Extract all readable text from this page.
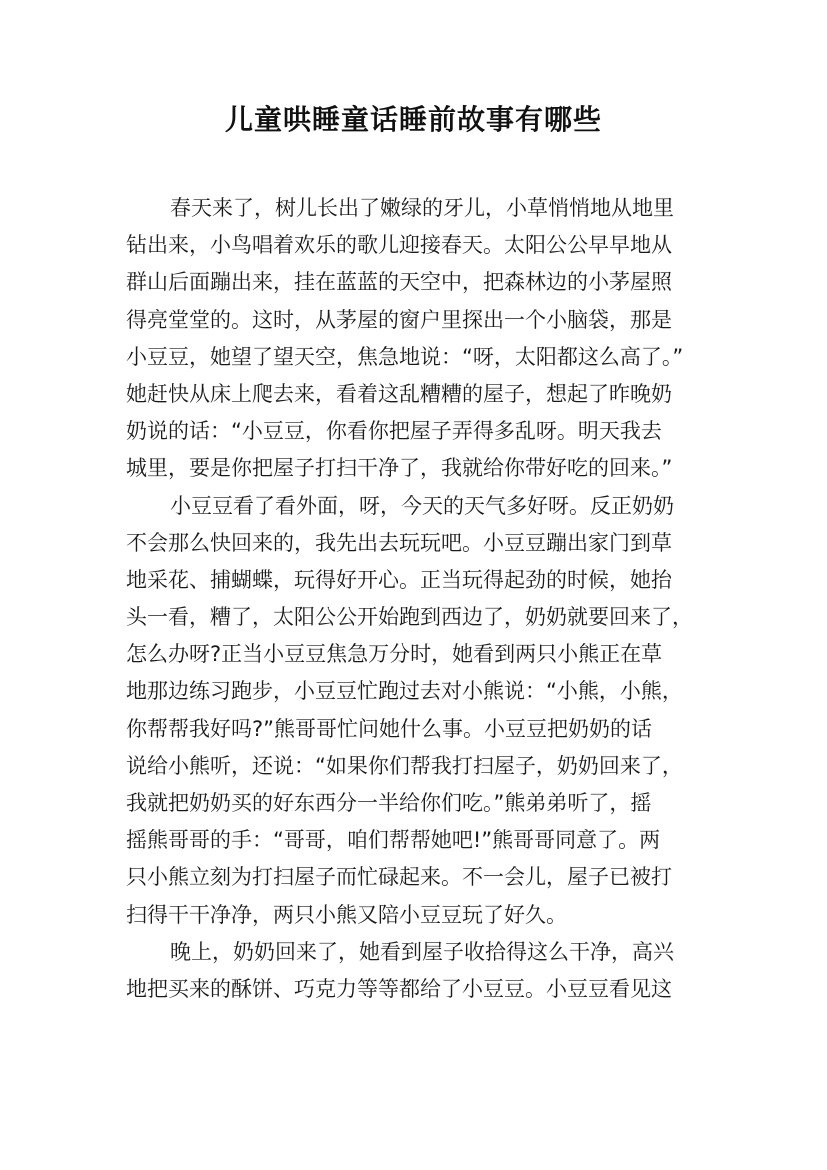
儿童哄睡童话睡前故事有哪些
春天来了，树儿长出了嫩绿的牙儿，小草悄悄地从地里
钻出来，小鸟唱着欢乐的歌儿迎接春天。太阳公公早早地从
群山后面蹦出来，挂在蓝蓝的天空中，把森林边的小茅屋照
得亮堂堂的。这时，从茅屋的窗户里探出一个小脑袋，那是
小豆豆，她望了望天空，焦急地说：“呀，太阳都这么高了。”
她赶快从床上爬去来，看着这乱糟糟的屋子，想起了昨晚奶
奶说的话：“小豆豆，你看你把屋子弄得多乱呀。明天我去
城里，要是你把屋子打扫干净了，我就给你带好吃的回来。”
小豆豆看了看外面，呀，今天的天气多好呀。反正奶奶
不会那么快回来的，我先出去玩玩吧。小豆豆蹦出家门到草
地采花、捕蝴蝶，玩得好开心。正当玩得起劲的时候，她抬
头一看，糟了，太阳公公开始跑到西边了，奶奶就要回来了，
怎么办呀?正当小豆豆焦急万分时，她看到两只小熊正在草
地那边练习跑步，小豆豆忙跑过去对小熊说：“小熊，小熊，
你帮帮我好吗?”熊哥哥忙问她什么事。小豆豆把奶奶的话
说给小熊听，还说：“如果你们帮我打扫屋子，奶奶回来了，
我就把奶奶买的好东西分一半给你们吃。”熊弟弟听了，摇
摇熊哥哥的手：“哥哥，咱们帮帮她吧!”熊哥哥同意了。两
只小熊立刻为打扫屋子而忙碌起来。不一会儿，屋子已被打
扫得干干净净，两只小熊又陪小豆豆玩了好久。
晚上，奶奶回来了，她看到屋子收拾得这么干净，高兴
地把买来的酥饼、巧克力等等都给了小豆豆。小豆豆看见这
